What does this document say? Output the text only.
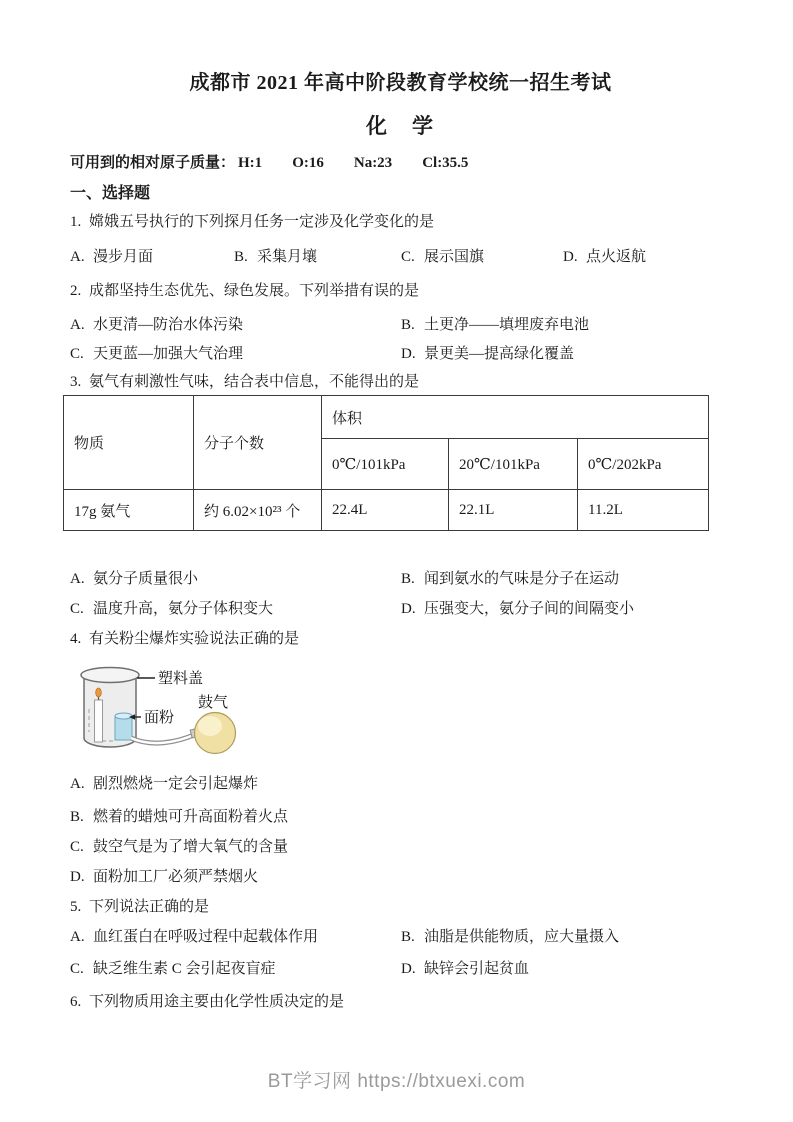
成都市 2021 年高中阶段教育学校统一招生考试
化　学
可用到的相对原子质量： H:1 O:16 Na:23 Cl:35.5
一、选择题
1. 嫦娥五号执行的下列探月任务一定涉及化学变化的是
A. 漫步月面	B. 采集月壤	C. 展示国旗	D. 点火返航
2. 成都坚持生态优先、绿色发展。下列举措有误的是
A. 水更清—防治水体污染	B. 土更净——填埋废弃电池
C. 天更蓝—加强大气治理	D. 景更美—提高绿化覆盖
3. 氨气有刺激性气味，结合表中信息，不能得出的是
物质	分子个数	体积		
		0℃/101kPa	20℃/101kPa	0℃/202kPa
17g 氨气	约 6.02×10²³ 个	22.4L	22.1L	11.2L
A. 氨分子质量很小	B. 闻到氨水的气味是分子在运动
C. 温度升高，氨分子体积变大	D. 压强变大，氨分子间的间隔变小
4. 有关粉尘爆炸实验说法正确的是
塑料盖
面粉
鼓气
A. 剧烈燃烧一定会引起爆炸
B. 燃着的蜡烛可升高面粉着火点
C. 鼓空气是为了增大氧气的含量
D. 面粉加工厂必须严禁烟火
5. 下列说法正确的是
A. 血红蛋白在呼吸过程中起载体作用	B. 油脂是供能物质，应大量摄入
C. 缺乏维生素 C 会引起夜盲症	D. 缺锌会引起贫血
6. 下列物质用途主要由化学性质决定的是
BT学习网 https://btxuexi.com
